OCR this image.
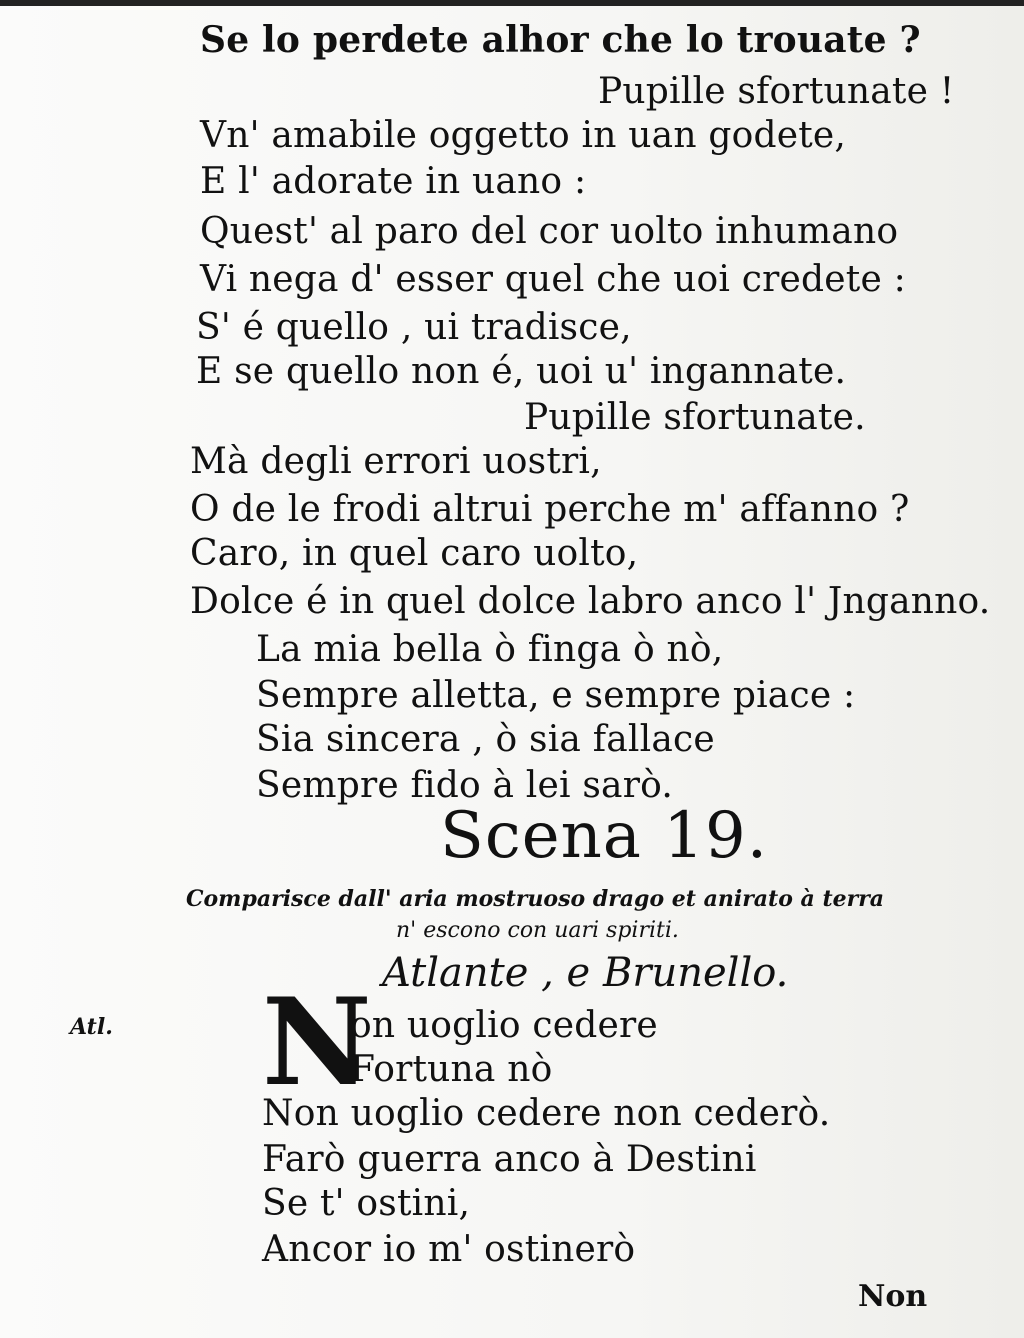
Se lo perdete alhor che lo trouate ?
Pupille sfortunate !
Vn' amabile oggetto in uan godete,
E l' adorate in uano :
Quest' al paro del cor uolto inhumano
Vi nega d' esser quel che uoi credete :
S' é quello , ui tradisce,
E se quello non é, uoi u' ingannate.
Pupille sfortunate.
Mà degli errori uostri,
O de le frodi altrui perche m' affanno ?
Caro, in quel caro uolto,
Dolce é in quel dolce labro anco l' Jnganno.
La mia bella ò finga ò nò,
Sempre alletta, e sempre piace :
Sia sincera , ò sia fallace
Sempre fido à lei sarò.
Scena 19.
Comparisce dall' aria mostruoso drago et anirato à terra
n' escono con uari spiriti.
Atlante , e Brunello.
Atl. N
on uoglio cedere
Fortuna nò
Non uoglio cedere non cederò.
Farò guerra anco à Destini
Se t' ostini,
Ancor io m' ostinerò
Non
